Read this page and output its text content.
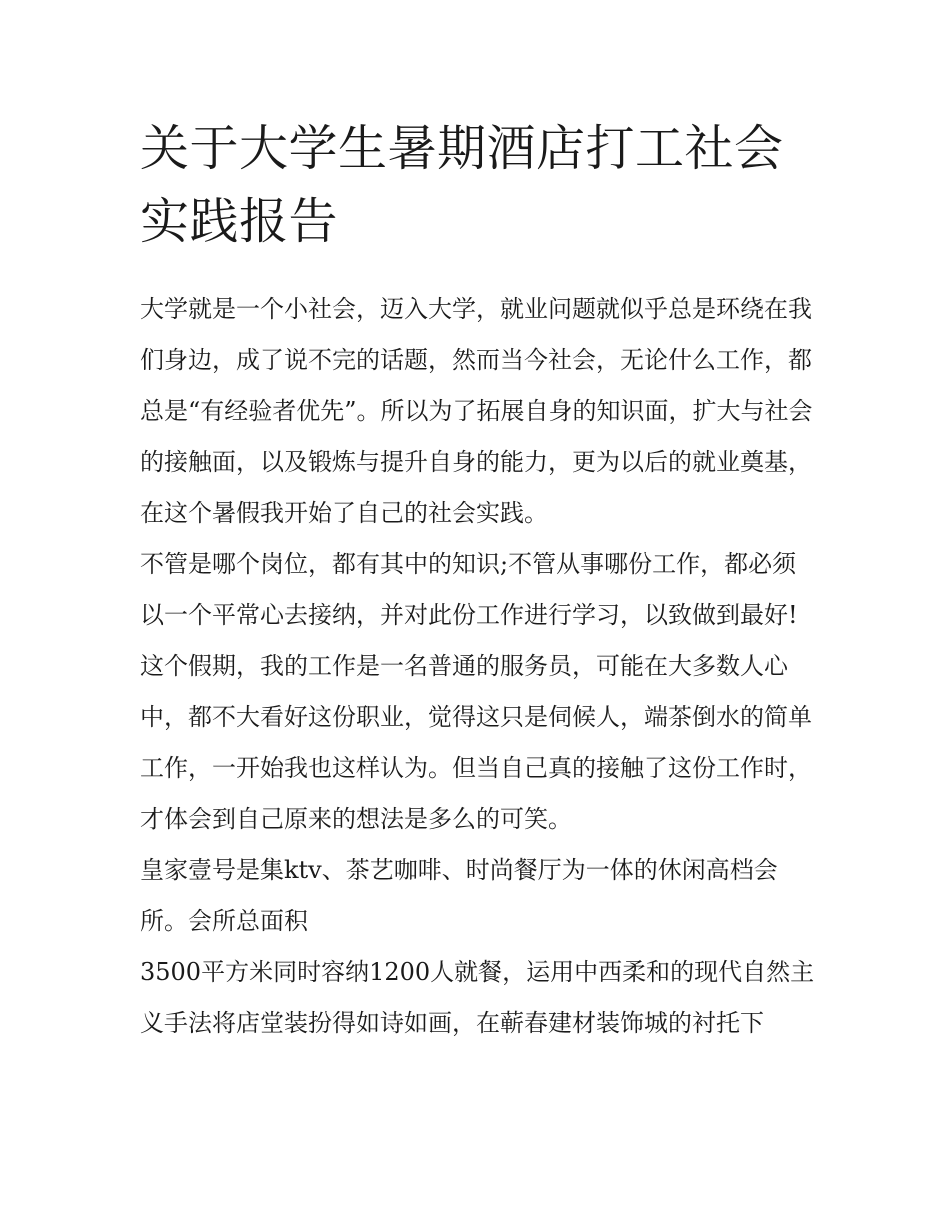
关于大学生暑期酒店打工社会实践报告

大学就是一个小社会，迈入大学，就业问题就似乎总是环绕在我们身边，成了说不完的话题，然而当今社会，无论什么工作，都总是“有经验者优先”。所以为了拓展自身的知识面，扩大与社会的接触面，以及锻炼与提升自身的能力，更为以后的就业奠基，在这个暑假我开始了自己的社会实践。

不管是哪个岗位，都有其中的知识;不管从事哪份工作，都必须以一个平常心去接纳，并对此份工作进行学习，以致做到最好!

这个假期，我的工作是一名普通的服务员，可能在大多数人心中，都不大看好这份职业，觉得这只是伺候人，端茶倒水的简单工作，一开始我也这样认为。但当自己真的接触了这份工作时，才体会到自己原来的想法是多么的可笑。

皇家壹号是集ktv、茶艺咖啡、时尚餐厅为一体的休闲高档会所。会所总面积

3500平方米同时容纳1200人就餐，运用中西柔和的现代自然主义手法将店堂装扮得如诗如画，在蕲春建材装饰城的衬托下
